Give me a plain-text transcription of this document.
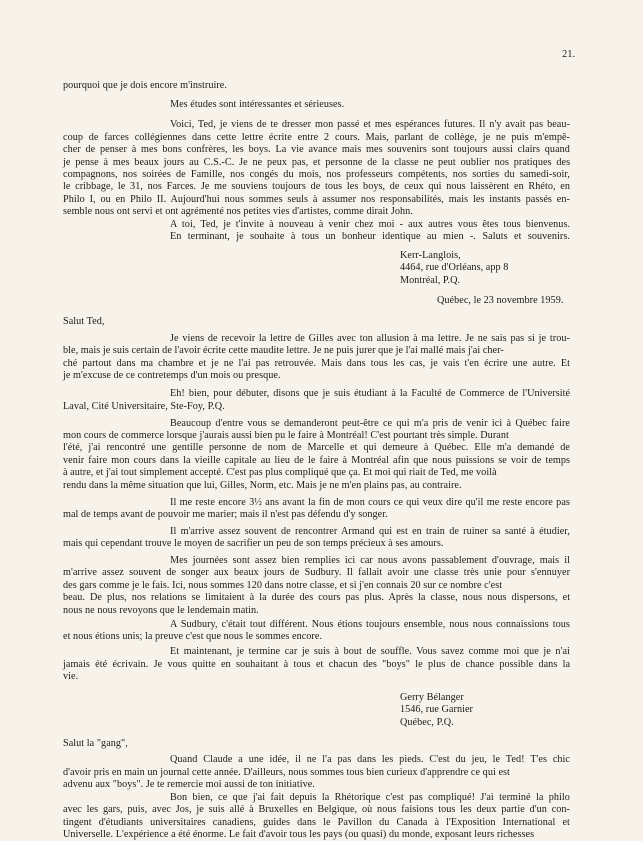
21.
pourquoi que je dois encore m'instruire.
Mes études sont intéressantes et sérieuses.
Voici, Ted, je viens de te dresser mon passé et mes espérances futures. Il n'y avait pas beau-
coup de farces collégiennes dans cette lettre écrite entre 2 cours. Mais, parlant de collège, je ne puis m'empê-
cher de penser à mes bons confrères, les boys. La vie avance mais mes souvenirs sont toujours aussi clairs quand
je pense à mes beaux jours au C.S.-C. Je ne peux pas, et personne de la classe ne peut oublier nos pratiques des
compagnons, nos soirées de Famille, nos congés du mois, nos professeurs compétents, nos sorties du samedi-soir,
le cribbage, le 31, nos Farces. Je me souviens toujours de tous les boys, de ceux qui nous laissèrent en Rhéto, en
Philo I, ou en Philo II. Aujourd'hui nous sommes seuls à assumer nos responsabilités, mais les instants passés en-
semble nous ont servi et ont agrémenté nos petites vies d'artistes, comme dirait John.
A toi, Ted, je t'invite à nouveau à venir chez moi - aux autres vous êtes tous bienvenus.
En terminant, je souhaite à tous un bonheur identique au mien -. Saluts et souvenirs.
Kerr-Langlois,
4464, rue d'Orléans, app 8
Montréal, P.Q.
Québec, le 23 novembre 1959.
Salut Ted,
Je viens de recevoir la lettre de Gilles avec ton allusion à ma lettre. Je ne sais pas si je trou-
ble, mais je suis certain de l'avoir écrite cette maudite lettre. Je ne puis jurer que je l'ai mallé mais j'ai cher-
ché partout dans ma chambre et je ne l'ai pas retrouvée. Mais dans tous les cas, je vais t'en écrire une autre. Et
je m'excuse de ce contretemps d'un mois ou presque.
Eh! bien, pour débuter, disons que je suis étudiant à la Faculté de Commerce de l'Université
Laval, Cité Universitaire, Ste-Foy, P.Q.
Beaucoup d'entre vous se demanderont peut-être ce qui m'a pris de venir ici à Québec faire
mon cours de commerce lorsque j'aurais aussi bien pu le faire à Montréal! C'est pourtant très simple. Durant
l'été, j'ai rencontré une gentille personne de nom de Marcelle et qui demeure à Québec. Elle m'a demandé de
venir faire mon cours dans la vieille capitale au lieu de le faire à Montréal afin que nous puissions se voir de temps
à autre, et j'ai tout simplement accepté. C'est pas plus compliqué que ça. Et moi qui riait de Ted, me voilà
rendu dans la même situation que lui, Gilles, Norm, etc. Mais je ne m'en plains pas, au contraire.
Il me reste encore 3½ ans avant la fin de mon cours ce qui veux dire qu'il me reste encore pas
mal de temps avant de pouvoir me marier; mais il n'est pas défendu d'y songer.
Il m'arrive assez souvent de rencontrer Armand qui est en train de ruiner sa santé à étudier,
mais qui cependant trouve le moyen de sacrifier un peu de son temps précieux à ses amours.
Mes journées sont assez bien remplies ici car nous avons passablement d'ouvrage, mais il
m'arrive assez souvent de songer aux beaux jours de Sudbury. Il fallait avoir une classe très unie pour s'ennuyer
des gars comme je le fais. Ici, nous sommes 120 dans notre classe, et si j'en connais 20 sur ce nombre c'est
beau. De plus, nos relations se limitaient à la durée des cours pas plus. Après la classe, nous nous dispersons, et
nous ne nous revoyons que le lendemain matin.
A Sudbury, c'était tout différent. Nous étions toujours ensemble, nous nous connaissions tous
et nous étions unis; la preuve c'est que nous le sommes encore.
Et maintenant, je termine car je suis à bout de souffle. Vous savez comme moi que je n'ai
jamais été écrivain. Je vous quitte en souhaitant à tous et chacun des "boys" le plus de chance possible dans la
vie.
Gerry Bélanger
1546, rue Garnier
Québec, P.Q.
Salut la "gang",
Quand Claude a une idée, il ne l'a pas dans les pieds. C'est du jeu, le Ted! T'es chic
d'avoir pris en main un journal cette année. D'ailleurs, nous sommes tous bien curieux d'apprendre ce qui est
advenu aux "boys". Je te remercie moi aussi de ton initiative.
Bon bien, ce que j'ai fait depuis la Rhétorique c'est pas compliqué! J'ai terminé la philo
avec les gars, puis, avec Jos, je suis allé à Bruxelles en Belgique, où nous faisions tous les deux partie d'un con-
tingent d'étudiants universitaires canadiens, guides dans le Pavillon du Canada à l'Exposition International et
Universelle. L'expérience a été énorme. Le fait d'avoir tous les pays (ou quasi) du monde, exposant leurs richesses
